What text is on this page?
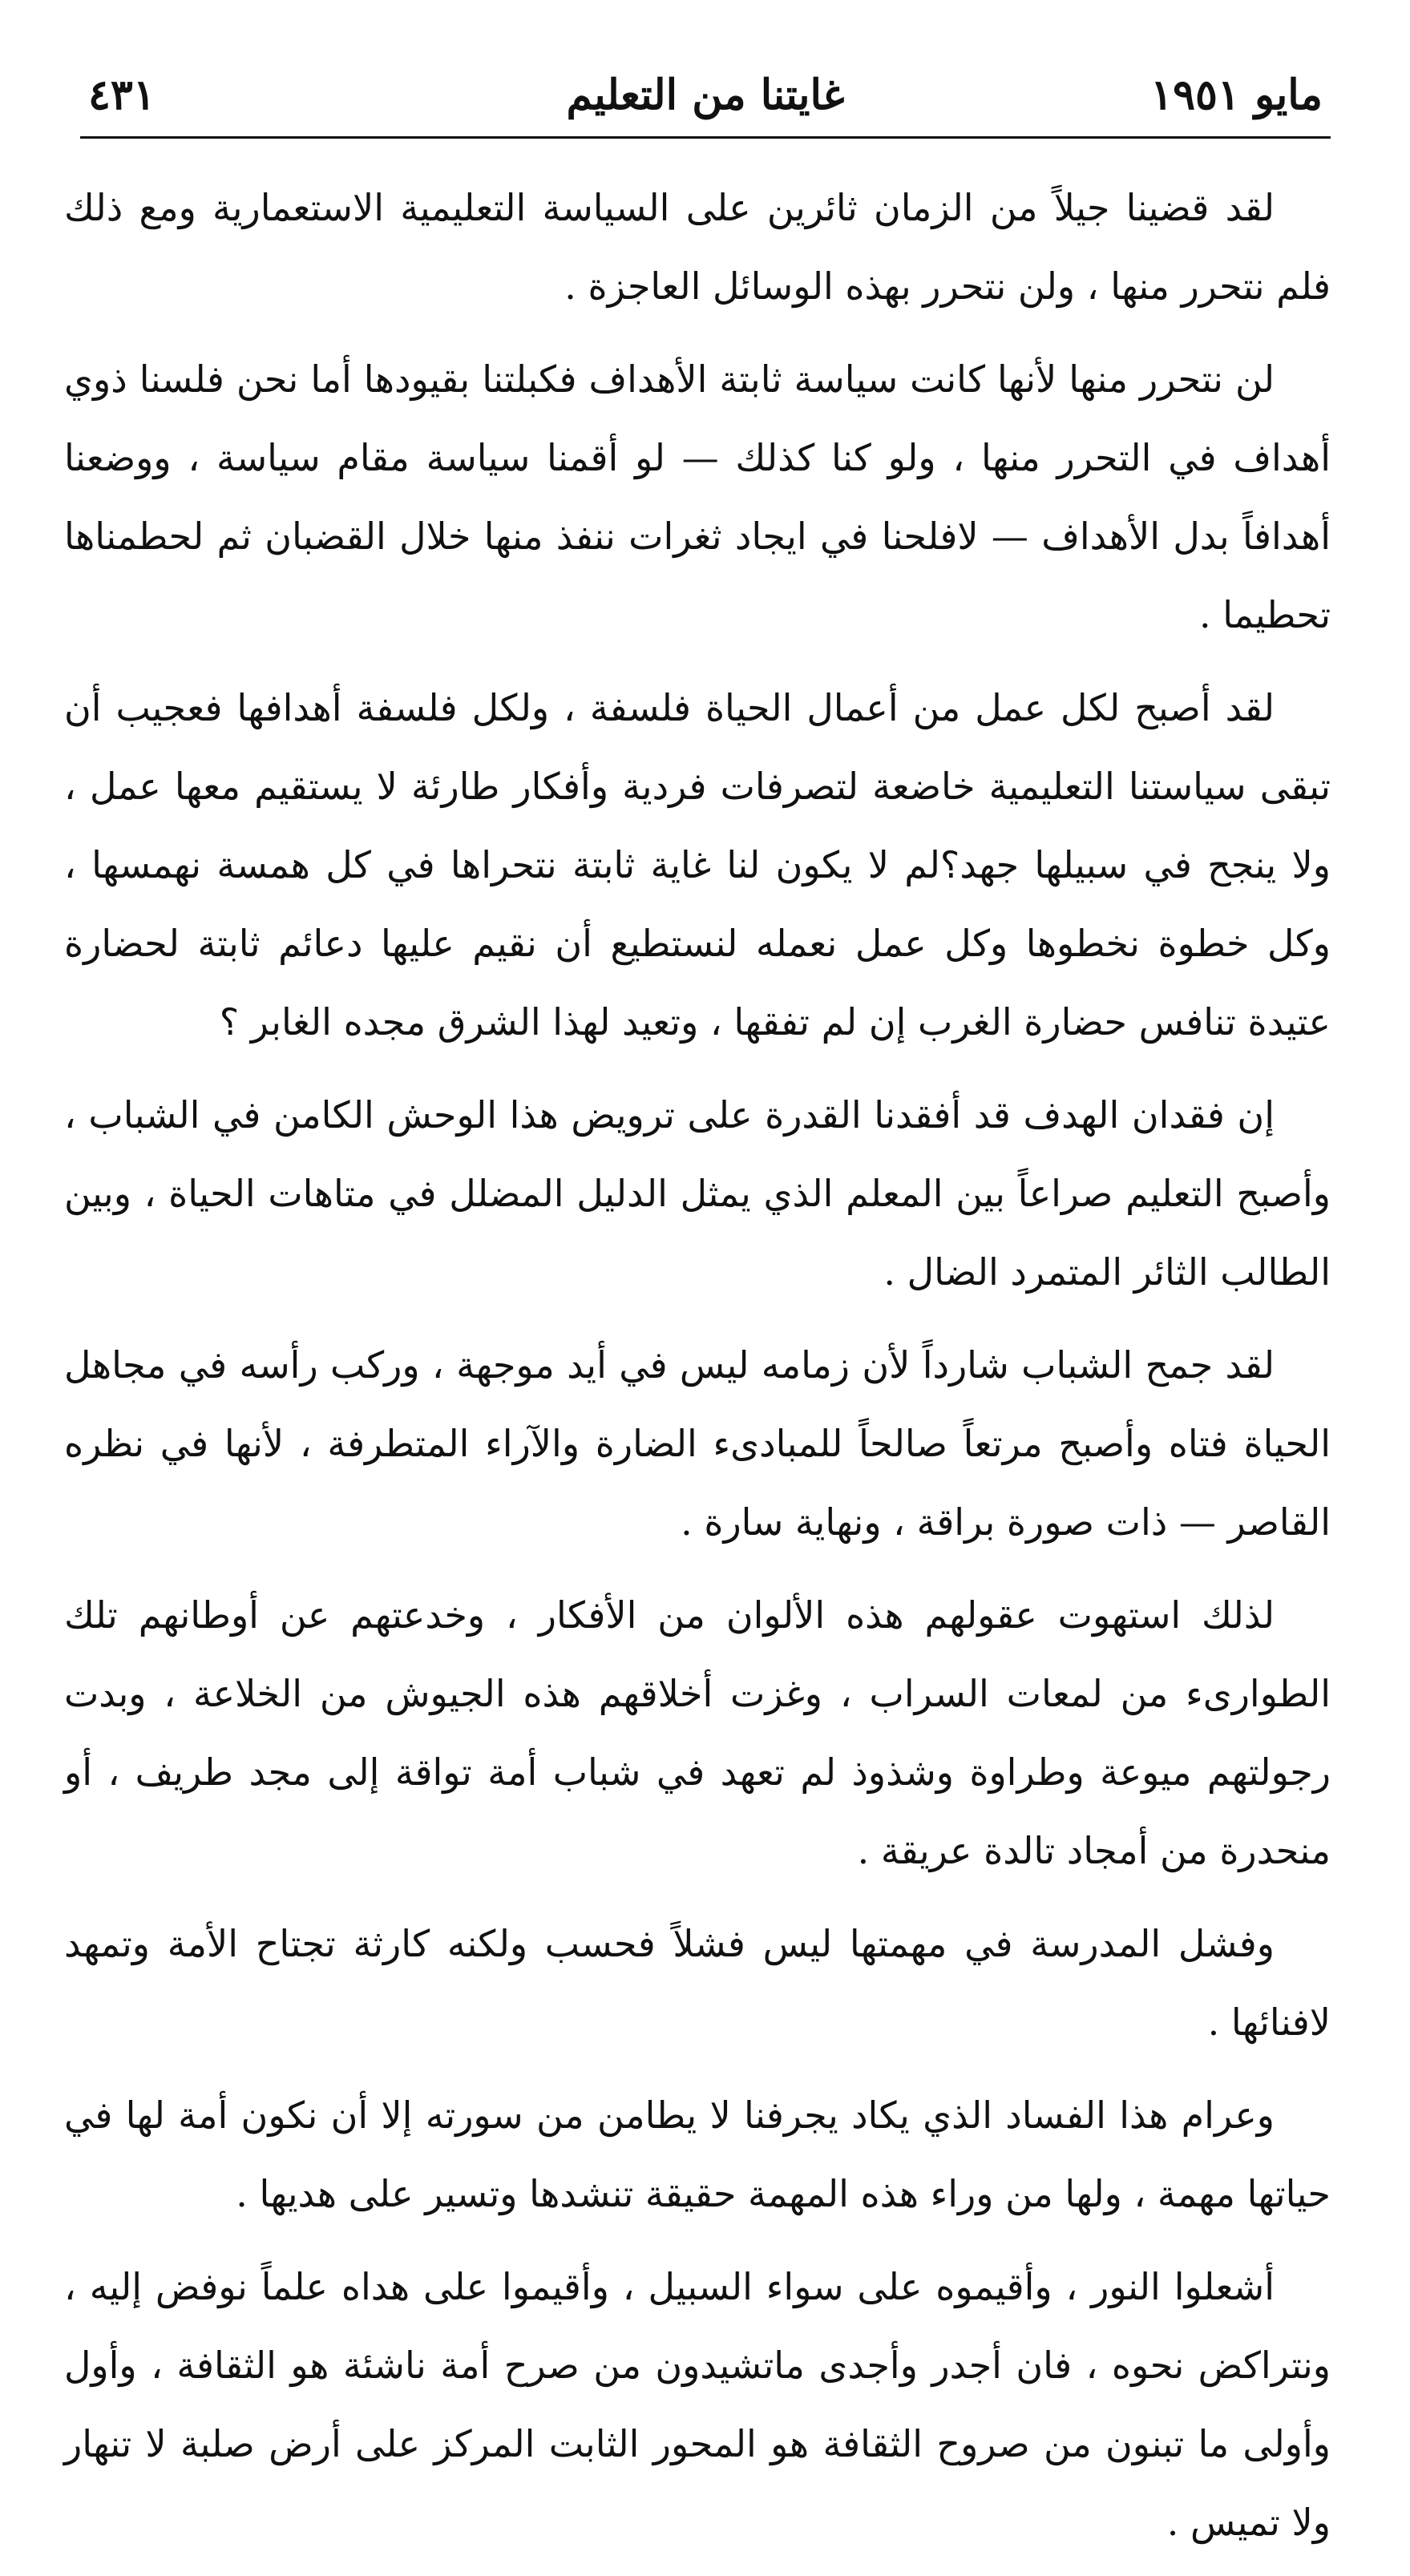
مايو ١٩٥١
غايتنا من التعليم
٤٣١

لقد قضينا جيلاً من الزمان ثائرين على السياسة التعليمية الاستعمارية ومع ذلك فلم نتحرر منها ، ولن نتحرر بهذه الوسائل العاجزة .

لن نتحرر منها لأنها كانت سياسة ثابتة الأهداف فكبلتنا بقيودها أما نحن فلسنا ذوي أهداف في التحرر منها ، ولو كنا كذلك — لو أقمنا سياسة مقام سياسة ، ووضعنا أهدافاً بدل الأهداف — لافلحنا في ايجاد ثغرات ننفذ منها خلال القضبان ثم لحطمناها تحطيما .

لقد أصبح لكل عمل من أعمال الحياة فلسفة ، ولكل فلسفة أهدافها فعجيب أن تبقى سياستنا التعليمية خاضعة لتصرفات فردية وأفكار طارئة لا يستقيم معها عمل ، ولا ينجح في سبيلها جهد؟لم لا يكون لنا غاية ثابتة نتحراها في كل همسة نهمسها ، وكل خطوة نخطوها وكل عمل نعمله لنستطيع أن نقيم عليها دعائم ثابتة لحضارة عتيدة تنافس حضارة الغرب إن لم تفقها ، وتعيد لهذا الشرق مجده الغابر ؟

إن فقدان الهدف قد أفقدنا القدرة على ترويض هذا الوحش الكامن في الشباب ، وأصبح التعليم صراعاً بين المعلم الذي يمثل الدليل المضلل في متاهات الحياة ، وبين الطالب الثائر المتمرد الضال .

لقد جمح الشباب شارداً لأن زمامه ليس في أيد موجهة ، وركب رأسه في مجاهل الحياة فتاه وأصبح مرتعاً صالحاً للمبادىء الضارة والآراء المتطرفة ، لأنها في نظره القاصر — ذات صورة براقة ، ونهاية سارة .

لذلك استهوت عقولهم هذه الألوان من الأفكار ، وخدعتهم عن أوطانهم تلك الطوارىء من لمعات السراب ، وغزت أخلاقهم هذه الجيوش من الخلاعة ، وبدت رجولتهم ميوعة وطراوة وشذوذ لم تعهد في شباب أمة تواقة إلى مجد طريف ، أو منحدرة من أمجاد تالدة عريقة .

وفشل المدرسة في مهمتها ليس فشلاً فحسب ولكنه كارثة تجتاح الأمة وتمهد لافنائها .

وعرام هذا الفساد الذي يكاد يجرفنا لا يطامن من سورته إلا أن نكون أمة لها في حياتها مهمة ، ولها من وراء هذه المهمة حقيقة تنشدها وتسير على هديها .

أشعلوا النور ، وأقيموه على سواء السبيل ، وأقيموا على هداه علماً نوفض إليه ، ونتراكض نحوه ، فان أجدر وأجدى ماتشيدون من صرح أمة ناشئة هو الثقافة ، وأول وأولى ما تبنون من صروح الثقافة هو المحور الثابت المركز على أرض صلبة لا تنهار ولا تميس .
